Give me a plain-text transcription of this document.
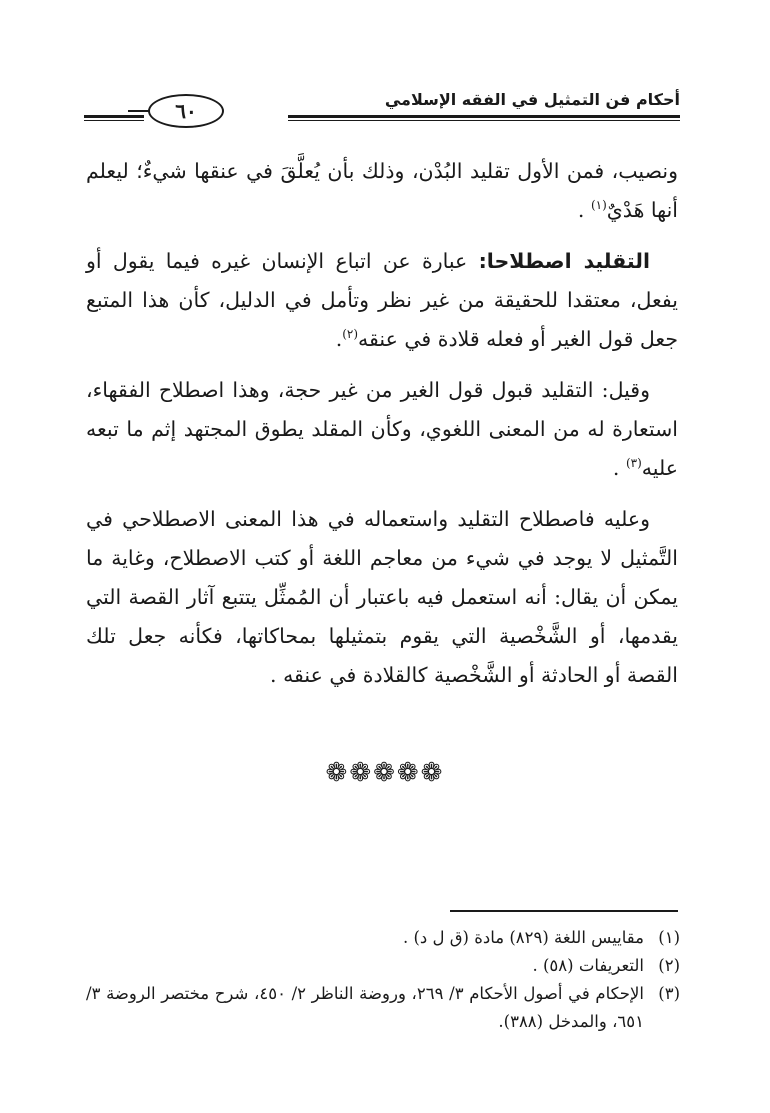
أحكام فن التمثيل في الفقه الإسلامي
٦٠

ونصيب، فمن الأول تقليد البُدْن، وذلك بأن يُعلَّقَ في عنقها شيءٌ؛ ليعلم أنها هَدْيٌ$^{(١)}$ .

التقليد اصطلاحا: عبارة عن اتباع الإنسان غيره فيما يقول أو يفعل، معتقدا للحقيقة من غير نظر وتأمل في الدليل، كأن هذا المتبع جعل قول الغير أو فعله قلادة في عنقه$^{(٢)}$.

وقيل: التقليد قبول قول الغير من غير حجة، وهذا اصطلاح الفقهاء، استعارة له من المعنى اللغوي، وكأن المقلد يطوق المجتهد إثم ما تبعه عليه$^{(٣)}$ .

وعليه فاصطلاح التقليد واستعماله في هذا المعنى الاصطلاحي في التَّمثيل لا يوجد في شيء من معاجم اللغة أو كتب الاصطلاح، وغاية ما يمكن أن يقال: أنه استعمل فيه باعتبار أن المُمثِّل يتتبع آثار القصة التي يقدمها، أو الشَّخْصية التي يقوم بتمثيلها بمحاكاتها، فكأنه جعل تلك القصة أو الحادثة أو الشَّخْصية كالقلادة في عنقه .

❁❁❁❁❁

(١)
مقاييس اللغة (٨٢٩) مادة (ق ل د) .

(٢)
التعريفات (٥٨) .

(٣)
الإحكام في أصول الأحكام ٣/ ٢٦٩، وروضة الناظر ٢/ ٤٥٠، شرح مختصر الروضة ٣/ ٦٥١، والمدخل (٣٨٨).
